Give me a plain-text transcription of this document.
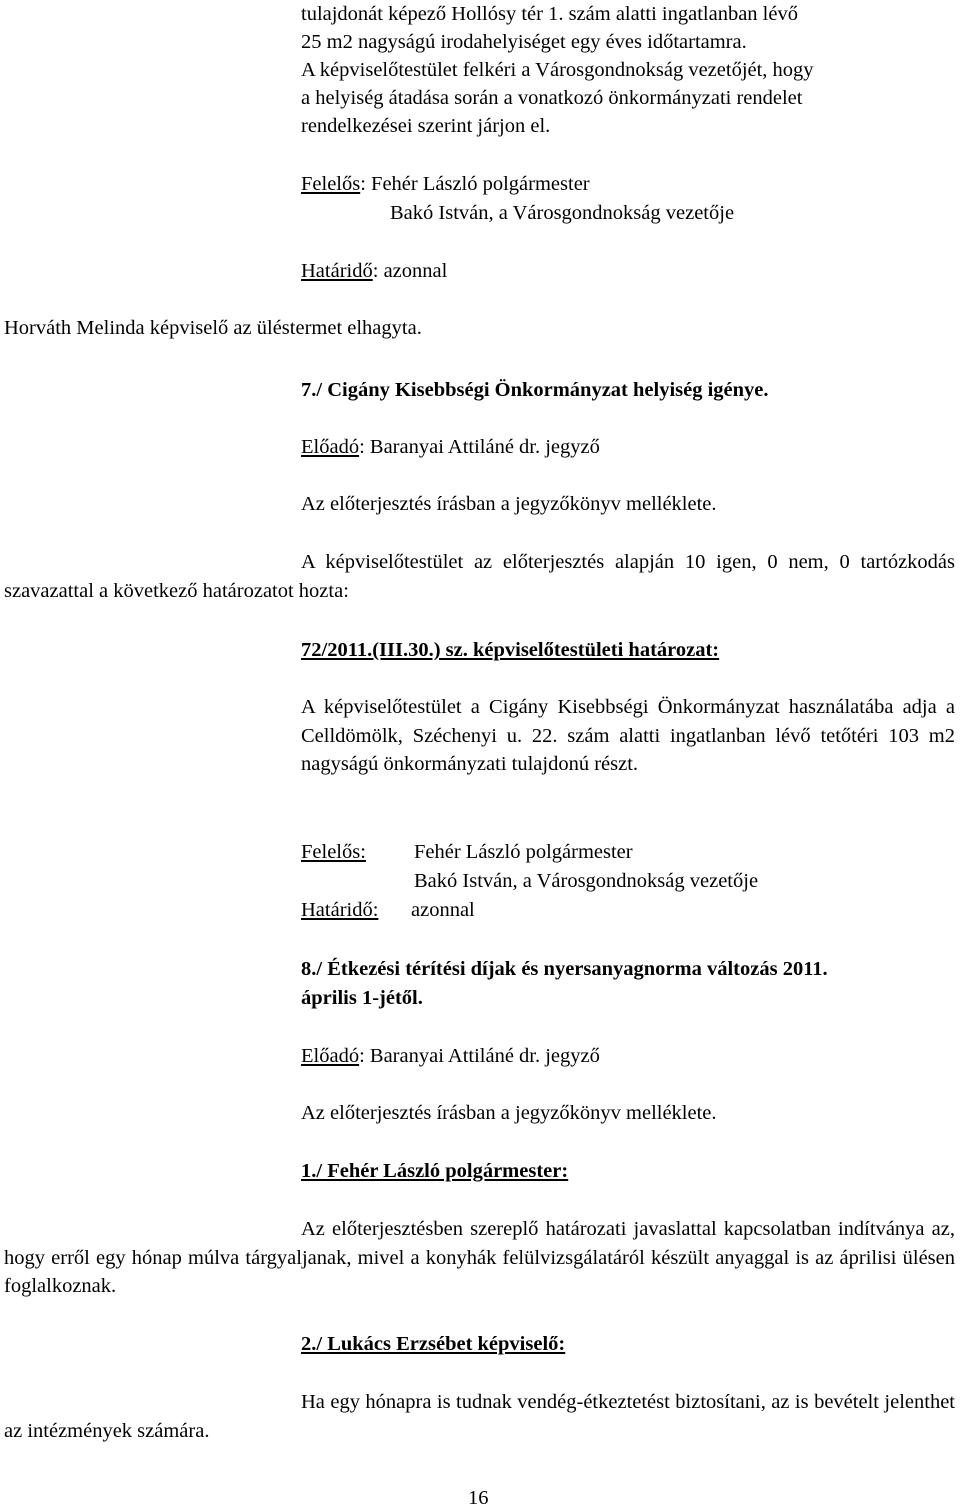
tulajdonát képező Hollósy tér 1. szám alatti ingatlanban lévő
25 m2 nagyságú irodahelyiséget egy éves időtartamra.
A képviselőtestület felkéri a Városgondnokság vezetőjét, hogy
a helyiség átadása során a vonatkozó önkormányzati rendelet
rendelkezései szerint járjon el.
Felelős: Fehér László polgármester
Bakó István, a Városgondnokság vezetője
Határidő: azonnal
Horváth Melinda képviselő az üléstermet elhagyta.
7./ Cigány Kisebbségi Önkormányzat helyiség igénye.
Előadó: Baranyai Attiláné dr. jegyző
Az előterjesztés írásban a jegyzőkönyv melléklete.

A képviselőtestület az előterjesztés alapján 10 igen, 0 nem, 0 tartózkodás szavazattal a következő határozatot hozta:

72/2011.(III.30.) sz. képviselőtestületi határozat:

A képviselőtestület a Cigány Kisebbségi Önkormányzat használatába adja a Celldömölk, Széchenyi u. 22. szám alatti ingatlanban lévő tetőtéri 103 m2 nagyságú önkormányzati tulajdonú részt.

Felelős: Fehér László polgármester
Bakó István, a Városgondnokság vezetője
Határidő: azonnal
8./ Étkezési térítési díjak és nyersanyagnorma változás 2011.
április 1-jétől.
Előadó: Baranyai Attiláné dr. jegyző
Az előterjesztés írásban a jegyzőkönyv melléklete.
1./ Fehér László polgármester:

Az előterjesztésben szereplő határozati javaslattal kapcsolatban indítványa az, hogy erről egy hónap múlva tárgyaljanak, mivel a konyhák felülvizsgálatáról készült anyaggal is az áprilisi ülésen foglalkoznak.

2./ Lukács Erzsébet képviselő:

Ha egy hónapra is tudnak vendég-étkeztetést biztosítani, az is bevételt jelenthet az intézmények számára.

16
